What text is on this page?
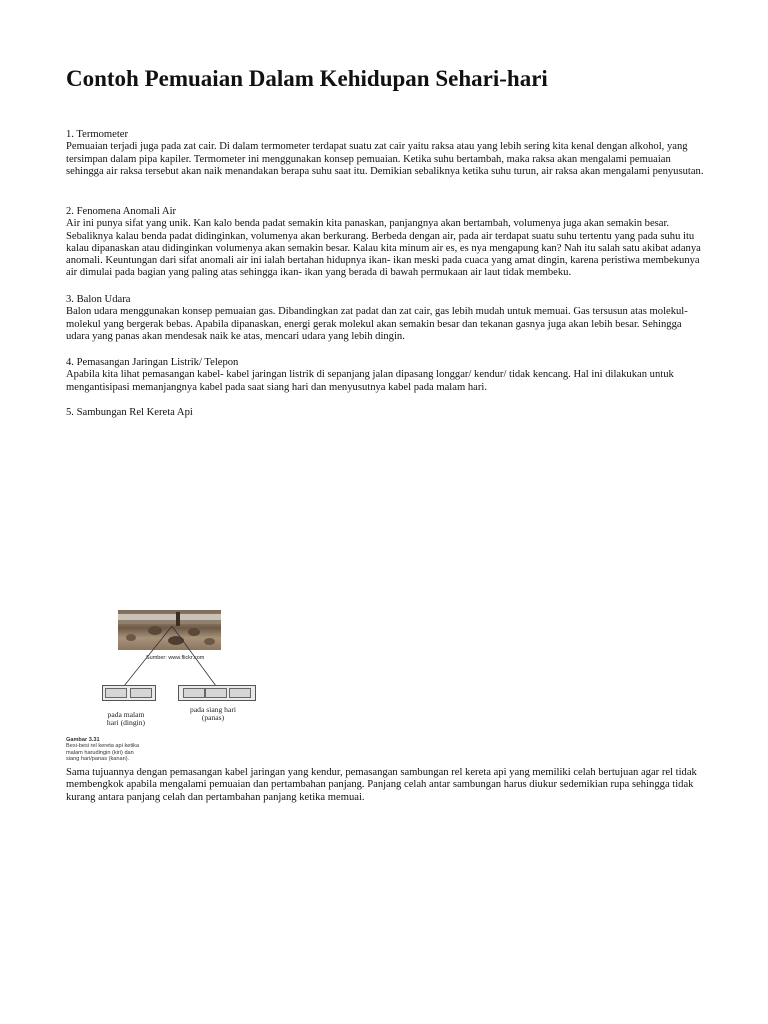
Contoh Pemuaian Dalam Kehidupan Sehari-hari

1. Termometer

Pemuaian terjadi juga pada zat cair. Di dalam termometer terdapat suatu zat cair yaitu raksa atau yang lebih sering kita kenal dengan alkohol, yang tersimpan dalam pipa kapiler. Termometer ini menggunakan konsep pemuaian. Ketika suhu bertambah, maka raksa akan mengalami pemuaian sehingga air raksa tersebut akan naik menandakan berapa suhu saat itu. Demikian sebaliknya ketika suhu turun, air raksa akan mengalami penyusutan.

2. Fenomena Anomali Air

Air ini punya sifat yang unik. Kan kalo benda padat semakin kita panaskan, panjangnya akan bertambah, volumenya juga akan semakin besar. Sebaliknya kalau benda padat didinginkan, volumenya akan berkurang. Berbeda dengan air, pada air terdapat suatu suhu tertentu yang pada suhu itu kalau dipanaskan atau didinginkan volumenya akan semakin besar. Kalau kita minum air es, es nya mengapung kan? Nah itu salah satu akibat adanya anomali. Keuntungan dari sifat anomali air ini ialah bertahan hidupnya ikan- ikan meski pada cuaca yang amat dingin, karena peristiwa membekunya air dimulai pada bagian yang paling atas sehingga ikan- ikan yang berada di bawah permukaan air laut tidak membeku.

3. Balon Udara

Balon udara menggunakan konsep pemuaian gas. Dibandingkan zat padat dan zat cair, gas lebih mudah untuk memuai. Gas tersusun atas molekul- molekul yang bergerak bebas. Apabila dipanaskan, energi gerak molekul akan semakin besar dan tekanan gasnya juga akan lebih besar. Sehingga udara yang panas akan mendesak naik ke atas, mencari udara yang lebih dingin.

4. Pemasangan Jaringan Listrik/ Telepon

Apabila kita lihat pemasangan kabel- kabel jaringan listrik di sepanjang jalan dipasang longgar/ kendur/ tidak kencang. Hal ini dilakukan untuk mengantisipasi memanjangnya kabel pada saat siang hari dan menyusutnya kabel pada malam hari.

5. Sambungan Rel Kereta Api

Sumber: www.flickr.com
pada malam
hari (dingin)
pada siang hari
(panas)
Gambar 3.31
Besi-besi rel kereta api ketika
malam harudingin (kiri) dan
siang hari/panas (kanan).

Sama tujuannya dengan pemasangan kabel jaringan yang kendur, pemasangan sambungan rel kereta api yang memiliki celah bertujuan agar rel tidak membengkok apabila mengalami pemuaian dan pertambahan panjang. Panjang celah antar sambungan harus diukur sedemikian rupa sehingga tidak kurang antara panjang celah dan pertambahan panjang ketika memuai.
